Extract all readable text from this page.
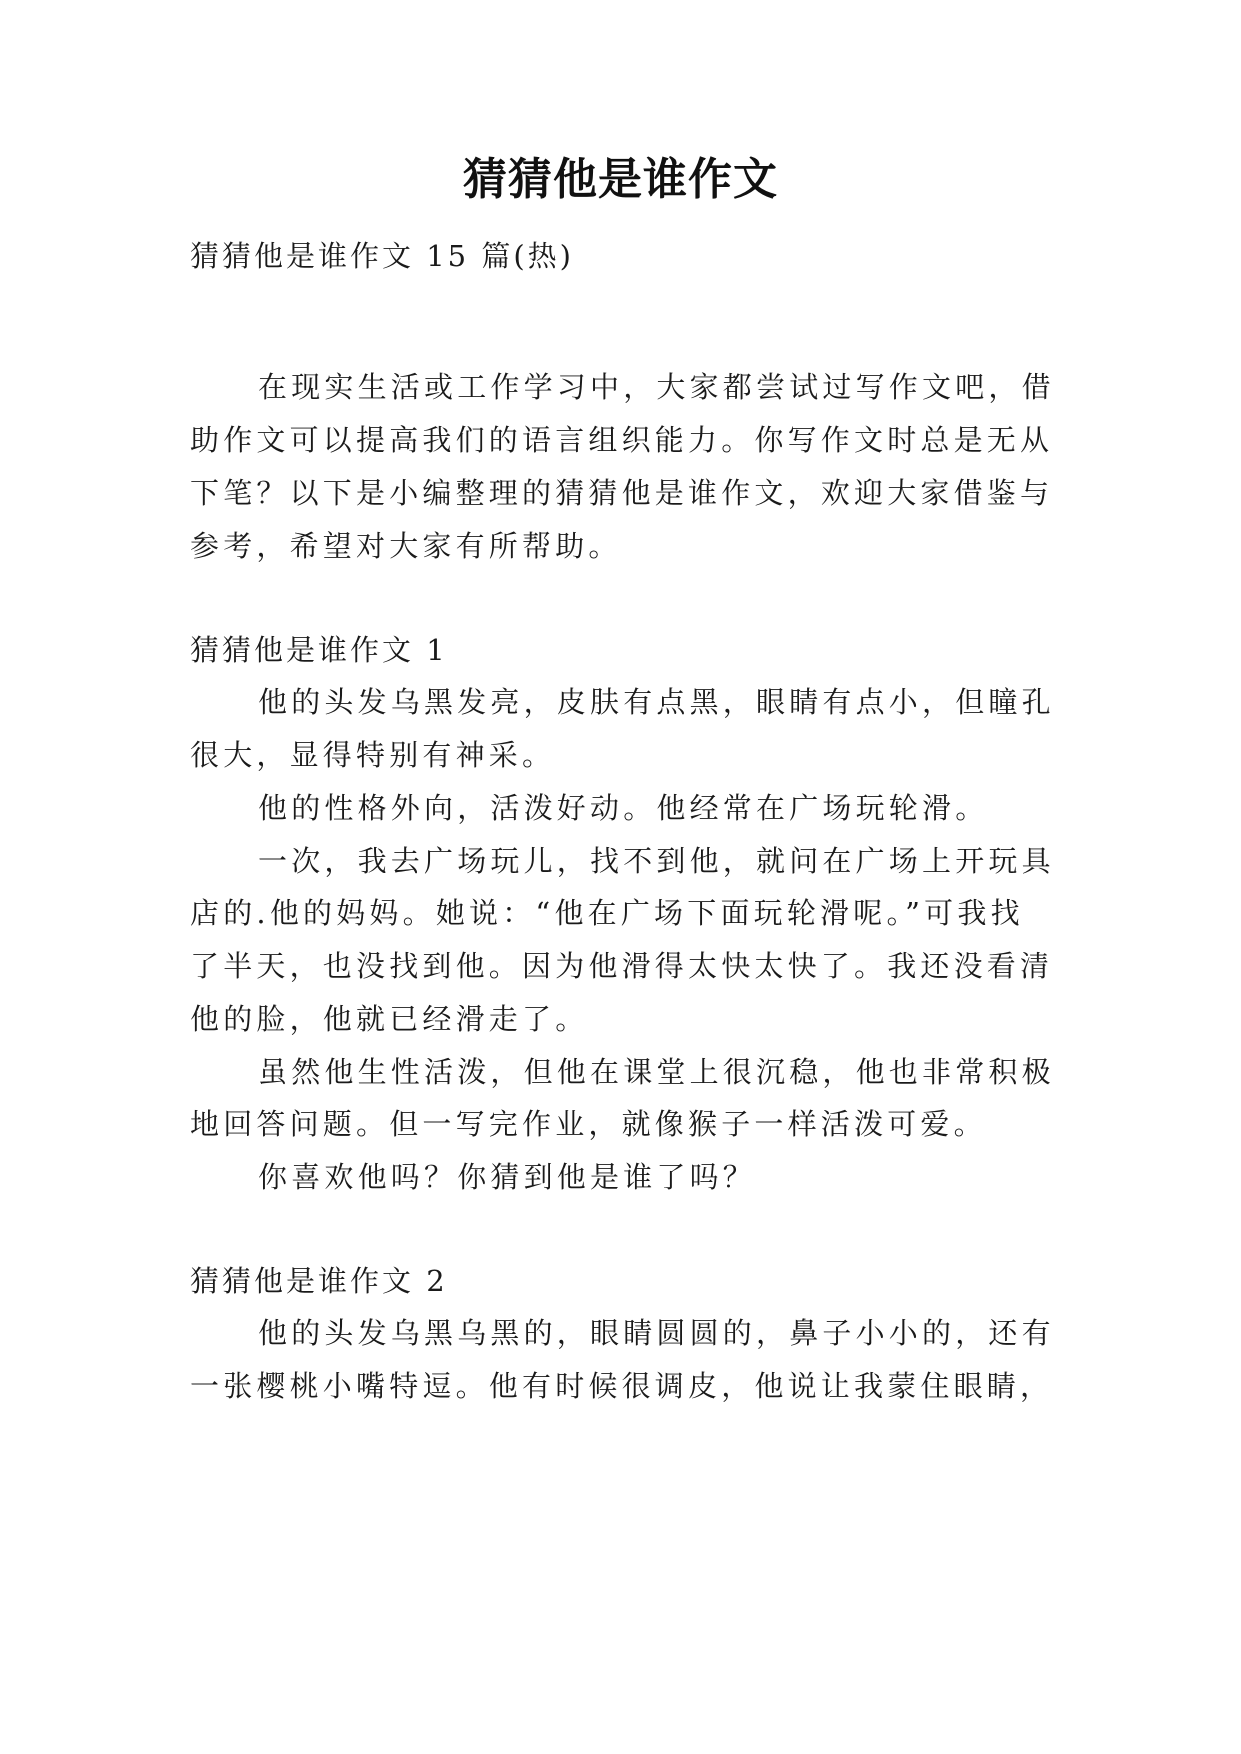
猜猜他是谁作文
猜猜他是谁作文 15 篇(热)
在现实生活或工作学习中，大家都尝试过写作文吧，借
助作文可以提高我们的语言组织能力。你写作文时总是无从
下笔？以下是小编整理的猜猜他是谁作文，欢迎大家借鉴与
参考，希望对大家有所帮助。
猜猜他是谁作文 1
他的头发乌黑发亮，皮肤有点黑，眼睛有点小，但瞳孔
很大，显得特别有神采。
他的性格外向，活泼好动。他经常在广场玩轮滑。
一次，我去广场玩儿，找不到他，就问在广场上开玩具
店的.他的妈妈。她说：“他在广场下面玩轮滑呢。”可我找
了半天，也没找到他。因为他滑得太快太快了。我还没看清
他的脸，他就已经滑走了。
虽然他生性活泼，但他在课堂上很沉稳，他也非常积极
地回答问题。但一写完作业，就像猴子一样活泼可爱。
你喜欢他吗？你猜到他是谁了吗？
猜猜他是谁作文 2
他的头发乌黑乌黑的，眼睛圆圆的，鼻子小小的，还有
一张樱桃小嘴特逗。他有时候很调皮，他说让我蒙住眼睛，
